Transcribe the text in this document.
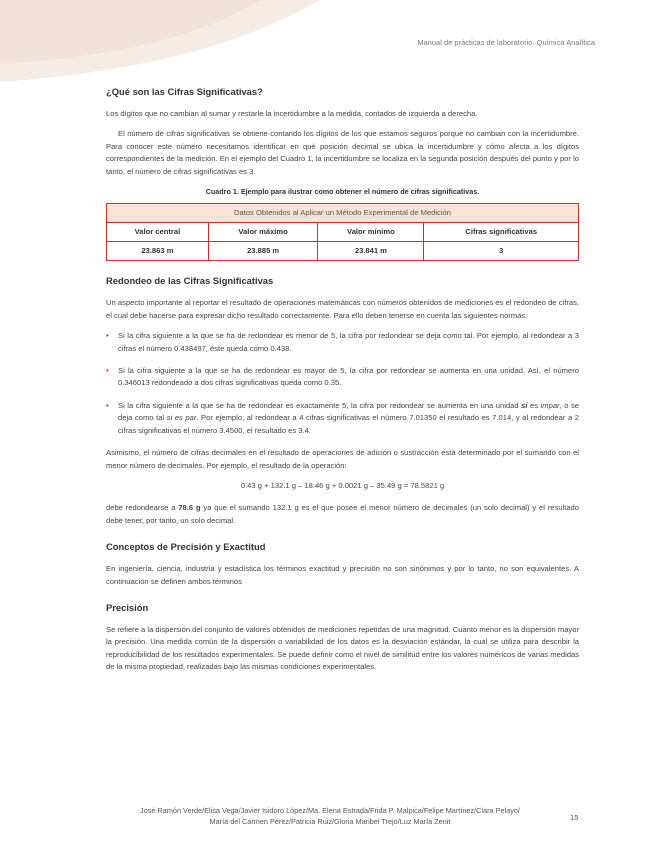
Manual de prácticas de laboratorio. Química Analítica
¿Qué son las Cifras Significativas?

Los dígitos que no cambian al sumar y restarle la incertidumbre a la medida, contados de izquierda a derecha.

El número de cifras significativas se obtiene contando los dígitos de los que estamos seguros porque no cambian con la incertidumbre. Para conocer este número necesitamos identificar en qué posición decimal se ubica la incertidumbre y cómo afecta a los dígitos correspondientes de la medición. En el ejemplo del Cuadro 1, la incertidumbre se localiza en la segunda posición después del punto y por lo tanto, el número de cifras significativas es 3.

Cuadro 1. Ejemplo para ilustrar como obtener el número de cifras significativas.
Datos Obtenidos al Aplicar un Método Experimental de Medición			
Valor central	Valor máximo	Valor mínimo	Cifras significativas
23.863 m	23.885 m	23.841 m	3
Redondeo de las Cifras Significativas

Un aspecto importante al reportar el resultado de operaciones matemáticas con números obtenidos de mediciones es el redondeo de cifras, el cual debe hacerse para expresar dicho resultado correctamente. Para ello deben tenerse en cuenta las siguientes normas:

• Si la cifra siguiente a la que se ha de redondear es menor de 5, la cifra por redondear se deja como tal. Por ejemplo, al redondear a 3 cifras el número 0.438497, éste queda como 0.438.
• Si la cifra siguiente a la que se ha de redondear es mayor de 5, la cifra por redondear se aumenta en una unidad. Así, el número 0.346013 redondeado a dos cifras significativas queda como 0.35.
• Si la cifra siguiente a la que se ha de redondear es exactamente 5, la cifra por redondear se aumenta en una unidad si es impar, o se deja como tal si es par. Por ejemplo, al redondear a 4 cifras significativas el número 7.01350 el resultado es 7.014, y al redondear a 2 cifras significativas el número 3.4500, el resultado es 3.4.

Asimismo, el número de cifras decimales en el resultado de operaciones de adición o sustracción está determinado por el sumando con el menor número de decimales. Por ejemplo, el resultado de la operación:

0.43 g + 132.1 g – 18.46 g + 0.0021 g – 35.49 g = 78.5821 g

debe redondearse a 78.6 g ya que el sumando 132.1 g es el que posee el menor número de decimales (un solo decimal) y el resultado debe tener, por tanto, un solo decimal.

Conceptos de Precisión y Exactitud

En ingeniería, ciencia, industria y estadística los términos exactitud y precisión no son sinónimos y por lo tanto, no son equivalentes. A continuación se definen ambos términos

Precisión

Se refiere a la dispersión del conjunto de valores obtenidos de mediciones repetidas de una magnitud. Cuanto menor es la dispersión mayor la precisión. Una medida común de la dispersión o variabilidad de los datos es la desviación estándar, la cual se utiliza para describir la reproducibilidad de los resultados experimentales. Se puede definir como el nivel de similitud entre los valores numéricos de varias medidas de la misma propiedad, realizadas bajo las mismas condiciones experimentales.

José Ramón Verde/Elisa Vega/Javier Isidoro López/Ma. Elena Estrada/Frida P. Malpica/Felipe Martínez/Clara Pelayo/
María del Carmen Pérez/Patricia Ruiz/Gloria Maribel Trejo/Luz María Zenit	15
